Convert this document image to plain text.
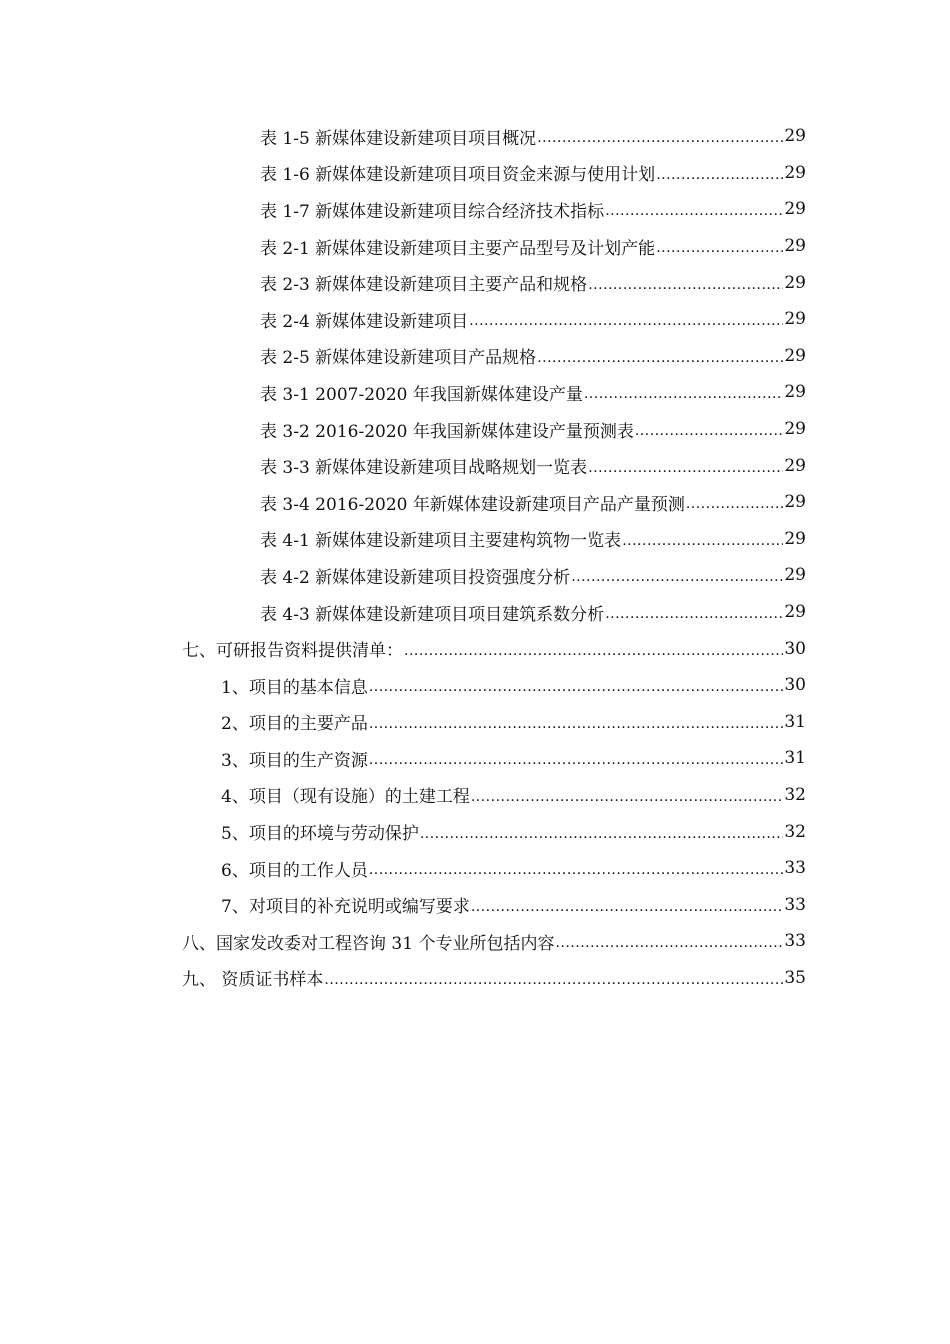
表 1-5 新媒体建设新建项目项目概况 .....	29
表 1-6 新媒体建设新建项目项目资金来源与使用计划 .....	29
表 1-7 新媒体建设新建项目综合经济技术指标 .....	29
表 2-1 新媒体建设新建项目主要产品型号及计划产能 .....	29
表 2-3 新媒体建设新建项目主要产品和规格 .....	29
表 2-4 新媒体建设新建项目 .....	29
表 2-5 新媒体建设新建项目产品规格 .....	29
表 3-1 2007-2020 年我国新媒体建设产量 .....	29
表 3-2 2016-2020 年我国新媒体建设产量预测表 .....	29
表 3-3 新媒体建设新建项目战略规划一览表 .....	29
表 3-4 2016-2020 年新媒体建设新建项目产品产量预测 .....	29
表 4-1 新媒体建设新建项目主要建构筑物一览表 .....	29
表 4-2 新媒体建设新建项目投资强度分析 .....	29
表 4-3 新媒体建设新建项目项目建筑系数分析 .....	29
七、可研报告资料提供清单： .....	30
1、项目的基本信息 .....	30
2、项目的主要产品 .....	31
3、项目的生产资源 .....	31
4、项目（现有设施）的土建工程 .....	32
5、项目的环境与劳动保护 .....	32
6、项目的工作人员 .....	33
7、对项目的补充说明或编写要求 .....	33
八、国家发改委对工程咨询 31 个专业所包括内容 .....	33
九、 资质证书样本 .....	35
